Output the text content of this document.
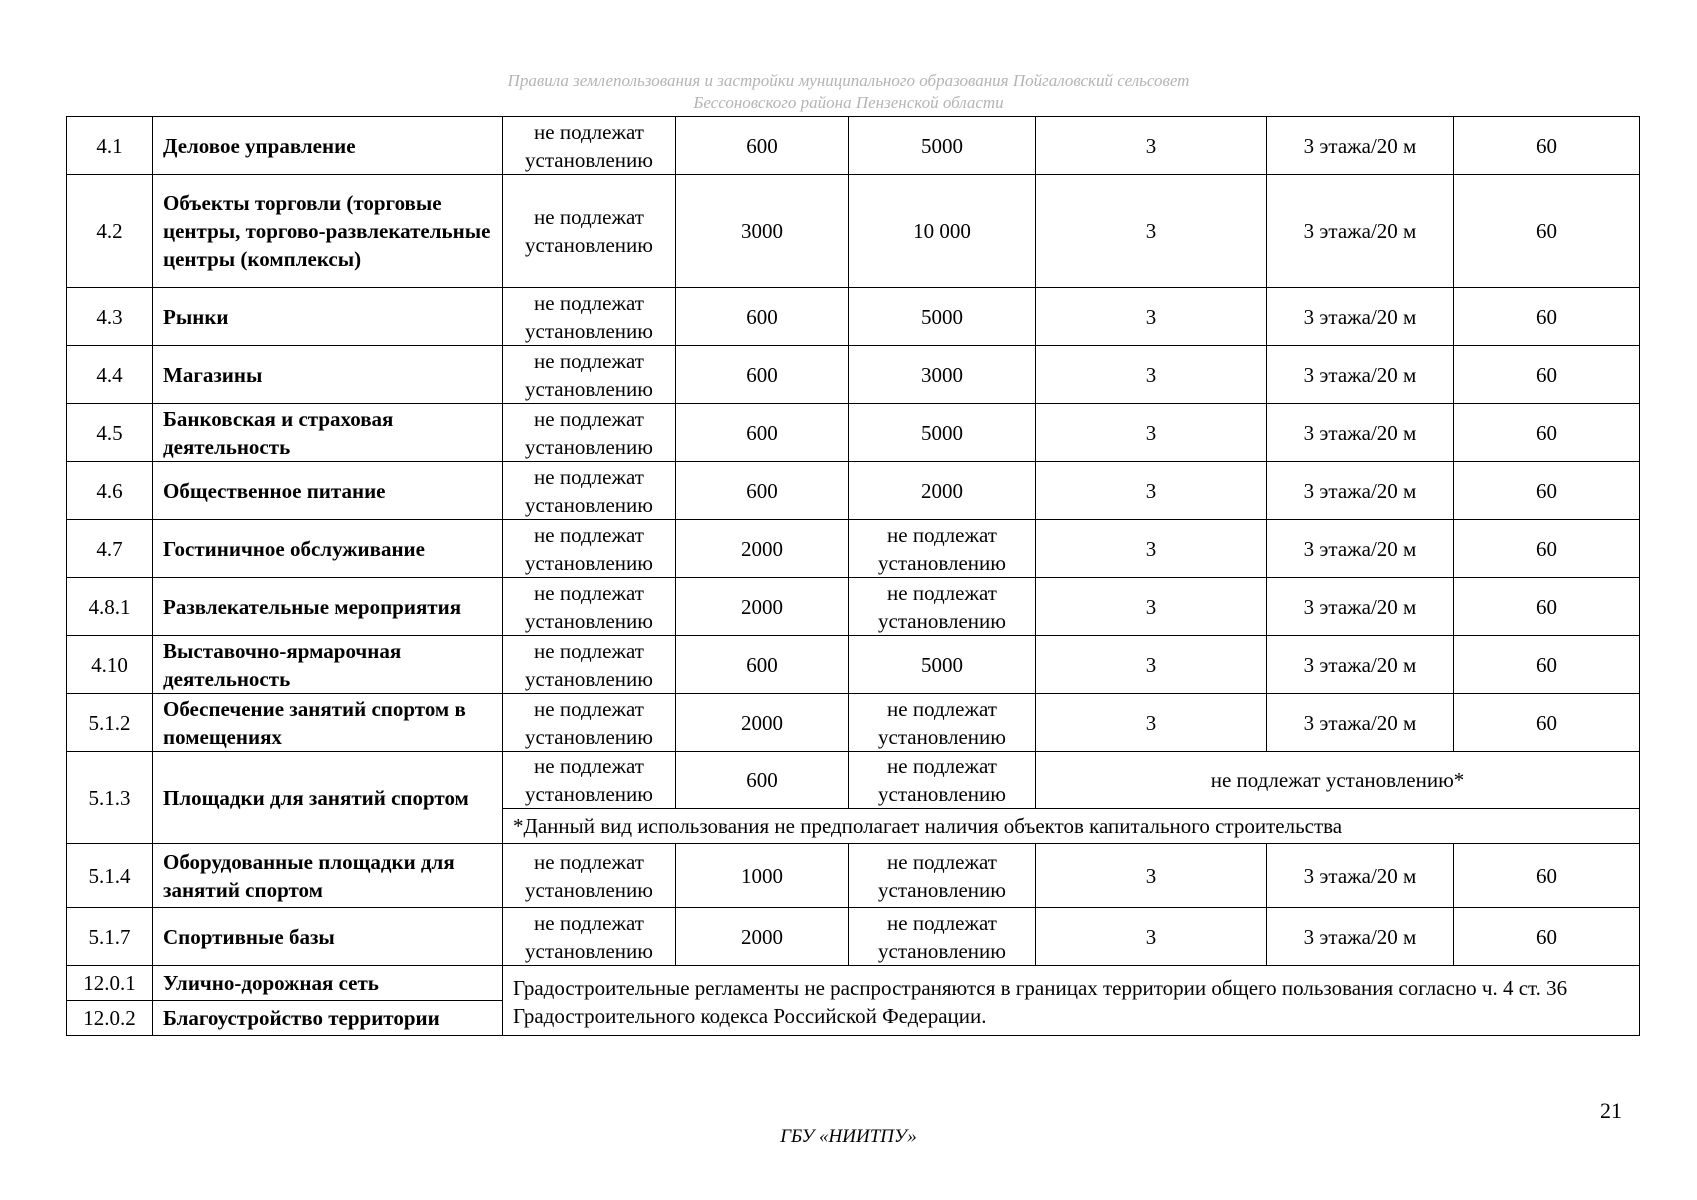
Правила землепользования и застройки муниципального образования Пойгаловский сельсовет
Бессоновского района Пензенской области
4.1	Деловое управление	не подлежат установлению	600	5000	3	3 этажа/20 м	60
4.2	Объекты торговли (торговые центры, торгово-развлекательные центры (комплексы)	не подлежат установлению	3000	10 000	3	3 этажа/20 м	60
4.3	Рынки	не подлежат установлению	600	5000	3	3 этажа/20 м	60
4.4	Магазины	не подлежат установлению	600	3000	3	3 этажа/20 м	60
4.5	Банковская и страховая деятельность	не подлежат установлению	600	5000	3	3 этажа/20 м	60
4.6	Общественное питание	не подлежат установлению	600	2000	3	3 этажа/20 м	60
4.7	Гостиничное обслуживание	не подлежат установлению	2000	не подлежат установлению	3	3 этажа/20 м	60
4.8.1	Развлекательные мероприятия	не подлежат установлению	2000	не подлежат установлению	3	3 этажа/20 м	60
4.10	Выставочно-ярмарочная деятельность	не подлежат установлению	600	5000	3	3 этажа/20 м	60
5.1.2	Обеспечение занятий спортом в помещениях	не подлежат установлению	2000	не подлежат установлению	3	3 этажа/20 м	60
5.1.3	Площадки для занятий спортом	не подлежат установлению	600	не подлежат установлению	не подлежат установлению*		
		*Данный вид использования не предполагает наличия объектов капитального строительства					
5.1.4	Оборудованные площадки для занятий спортом	не подлежат установлению	1000	не подлежат установлению	3	3 этажа/20 м	60
5.1.7	Спортивные базы	не подлежат установлению	2000	не подлежат установлению	3	3 этажа/20 м	60
12.0.1	Улично-дорожная сеть	Градостроительные регламенты не распространяются в границах территории общего пользования согласно ч. 4 ст. 36 Градостроительного кодекса Российской Федерации.					
12.0.2	Благоустройство территории						
21
ГБУ «НИИТПУ»
